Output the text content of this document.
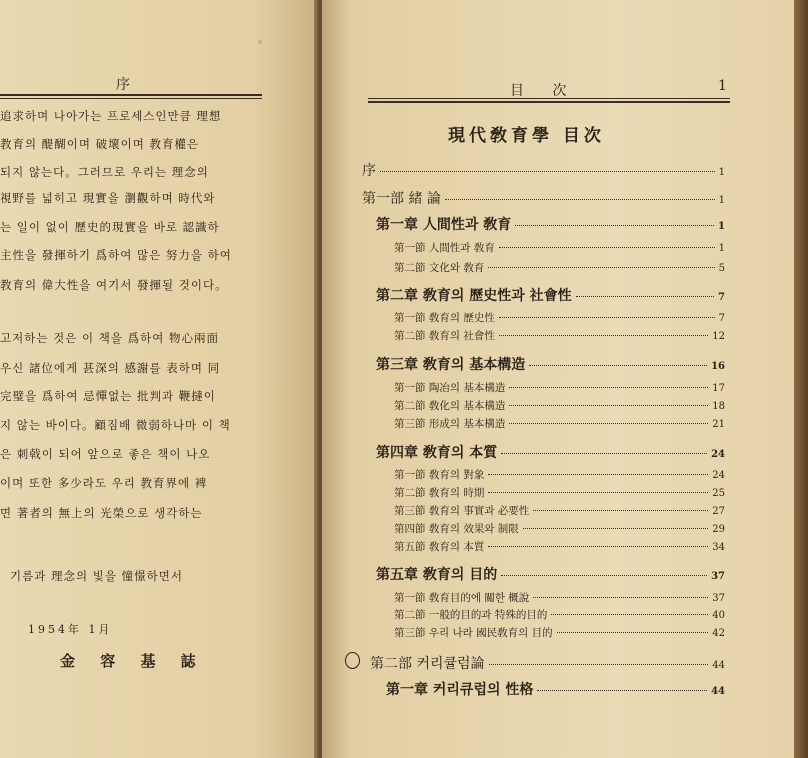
序
追求하며 나아가는 프로세스인만큼 理想
教育의 醍醐이며 破壞이며 教育權은
되지 않는다。그러므로 우리는 理念의
視野를 넓히고 現實을 瀏觀하며 時代와
는 일이 없이 歷史的現實을 바로 認識하
主性을 發揮하기 爲하여 많은 努力을 하여
教育의 偉大性을 여기서 發揮될 것이다。
고저하는 것은 이 책을 爲하여 物心兩面
우신 諸位에게 甚深의 感謝를 表하며 同
完璧을 爲하여 忌憚없는 批判과 鞭撻이
지 않는 바이다。顧짐배 微弱하나마 이 책
은 刺戟이 되어 앞으로 좋은 책이 나오
이며 또한 多少라도 우리 教育界에 裨
면 著者의 無上의 光榮으로 생각하는
기름과 理念의 빛을 憧憬하면서
1954年 1月
金 容 基 誌
目 次	1
現代敎育學 目次
序	1
第一部 緒 論	1
第一章 人間性과 敎育	1
第一節 人間性과 敎育	1
第二節 文化와 敎育	5
第二章 敎育의 歷史性과 社會性	7
第一節 敎育의 歷史性	7
第二節 敎育의 社會性	12
第三章 敎育의 基本構造	16
第一節 陶冶의 基本構造	17
第二節 敎化의 基本構造	18
第三節 形成의 基本構造	21
第四章 敎育의 本質	24
第一節 敎育의 對象	24
第二節 敎育의 時期	25
第三節 敎育의 事實과 必要性	27
第四節 敎育의 效果와 制限	29
第五節 敎育의 本質	34
第五章 敎育의 目的	37
第一節 敎育目的에 關한 概說	37
第二節 一般的目的과 特殊的目的	40
第三節 우리 나라 國民敎育의 目的	42
第二部 커리큘럼論	44
第一章 커리큐럽의 性格	44
